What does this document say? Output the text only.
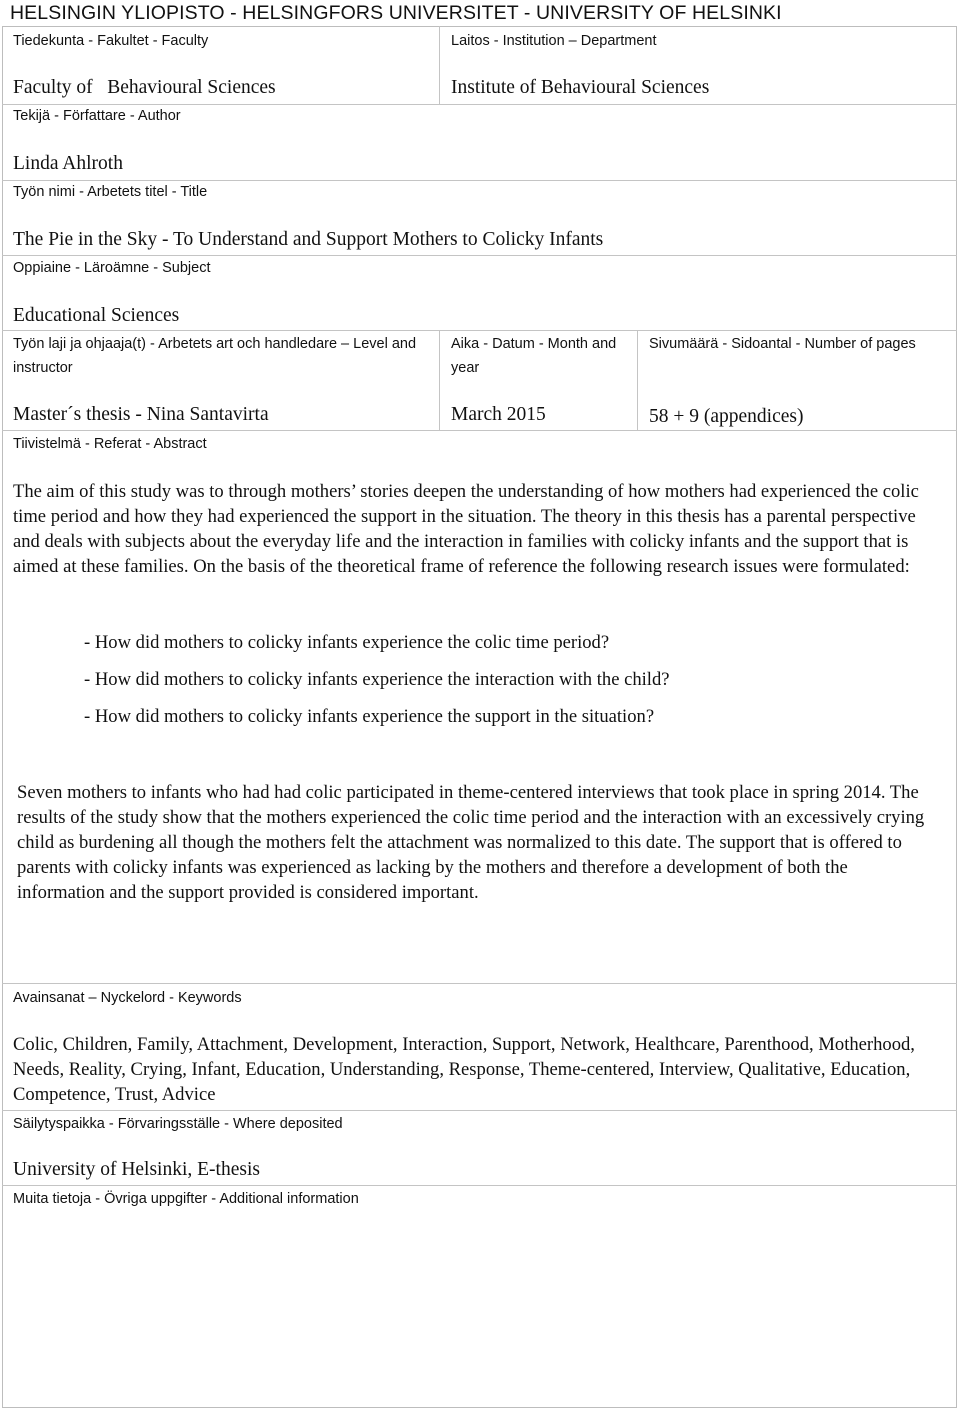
HELSINGIN YLIOPISTO - HELSINGFORS UNIVERSITET - UNIVERSITY OF HELSINKI
Tiedekunta - Fakultet - Faculty
Faculty of   Behavioural Sciences
Laitos - Institution – Department
Institute of Behavioural Sciences
Tekijä - Författare - Author
Linda Ahlroth
Työn nimi - Arbetets titel - Title
The Pie in the Sky - To Understand and Support Mothers to Colicky Infants
Oppiaine - Läroämne - Subject
Educational Sciences
Työn laji ja ohjaaja(t) - Arbetets art och handledare – Level and instructor
Master´s thesis - Nina Santavirta
Aika - Datum - Month and year
March 2015
Sivumäärä - Sidoantal - Number of pages
58 + 9 (appendices)
Tiivistelmä - Referat - Abstract

The aim of this study was to through mothers’ stories deepen the understanding of how mothers had experienced the colic time period and how they had experienced the support in the situation. The theory in this thesis has a parental perspective and deals with subjects about the everyday life and the interaction in families with colicky infants and the support that is aimed at these families. On the basis of the theoretical frame of reference the following research issues were formulated:

- How did mothers to colicky infants experience the colic time period?
- How did mothers to colicky infants experience the interaction with the child?
- How did mothers to colicky infants experience the support in the situation?

Seven mothers to infants who had had colic participated in theme-centered interviews that took place in spring 2014. The results of the study show that the mothers experienced the colic time period and the interaction with an excessively crying child as burdening all though the mothers felt the attachment was normalized to this date. The support that is offered to parents with colicky infants was experienced as lacking by the mothers and therefore a development of both the information and the support provided is considered important.

Avainsanat – Nyckelord - Keywords

Colic, Children, Family, Attachment, Development, Interaction, Support, Network, Healthcare, Parenthood, Motherhood, Needs, Reality, Crying, Infant, Education, Understanding, Response, Theme-centered, Interview, Qualitative, Education, Competence, Trust, Advice

Säilytyspaikka - Förvaringsställe - Where deposited
University of Helsinki, E-thesis
Muita tietoja - Övriga uppgifter - Additional information
